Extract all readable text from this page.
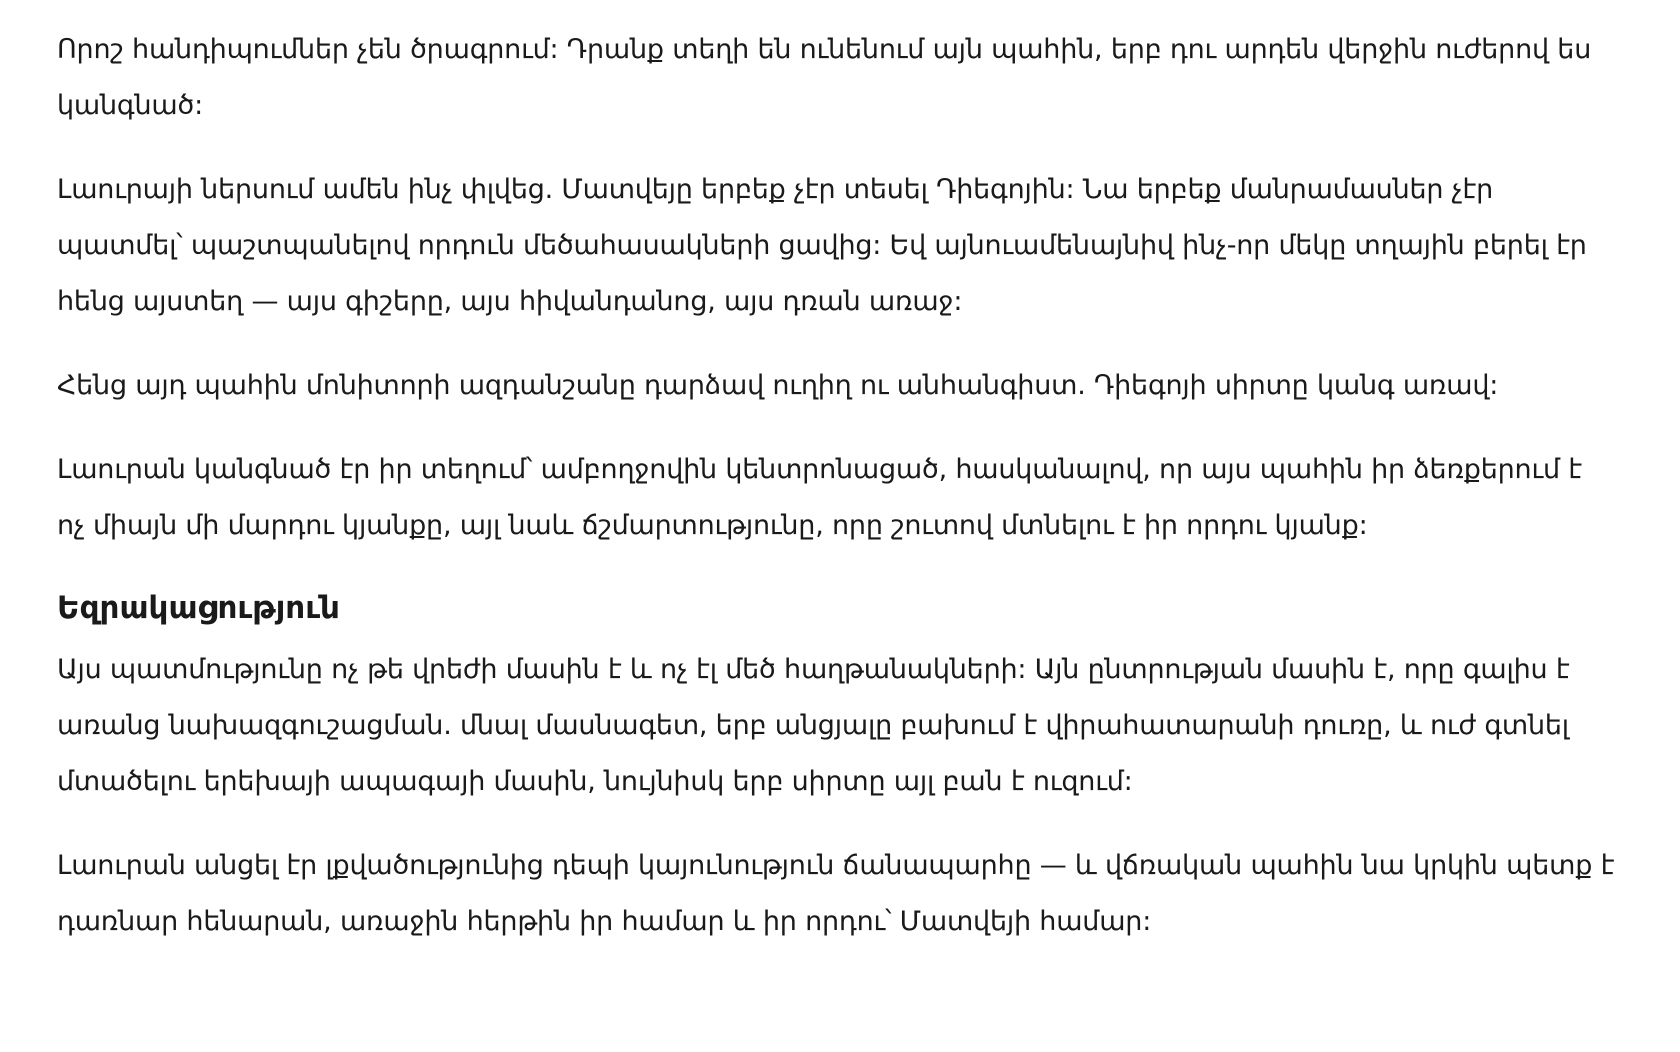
Որոշ հանդիպումներ չեն ծրագրում: Դրանք տեղի են ունենում այն պահին, երբ դու արդեն վերջին ուժերով ես կանգնած:

Լաուրայի ներսում ամեն ինչ փլվեց. Մատվեյը երբեք չէր տեսել Դիեգոյին: Նա երբեք մանրամասներ չէր պատմել՝ պաշտպանելով որդուն մեծահասակների ցավից: Եվ այնուամենայնիվ ինչ-որ մեկը տղային բերել էր հենց այստեղ — այս գիշերը, այս հիվանդանոց, այս դռան առաջ:

Հենց այդ պահին մոնիտորի ազդանշանը դարձավ ուղիղ ու անհանգիստ. Դիեգոյի սիրտը կանգ առավ:

Լաուրան կանգնած էր իր տեղում՝ ամբողջովին կենտրոնացած, հասկանալով, որ այս պահին իր ձեռքերում է ոչ միայն մի մարդու կյանքը, այլ նաև ճշմարտությունը, որը շուտով մտնելու է իր որդու կյանք:

Եզրակացություն

Այս պատմությունը ոչ թե վրեժի մասին է և ոչ էլ մեծ հաղթանակների: Այն ընտրության մասին է, որը գալիս է առանց նախազգուշացման. մնալ մասնագետ, երբ անցյալը բախում է վիրահատարանի դուռը, և ուժ գտնել մտածելու երեխայի ապագայի մասին, նույնիսկ երբ սիրտը այլ բան է ուզում:

Լաուրան անցել էր լքվածությունից դեպի կայունություն ճանապարհը — և վճռական պահին նա կրկին պետք է դառնար հենարան, առաջին հերթին իր համար և իր որդու՝ Մատվեյի համար:
